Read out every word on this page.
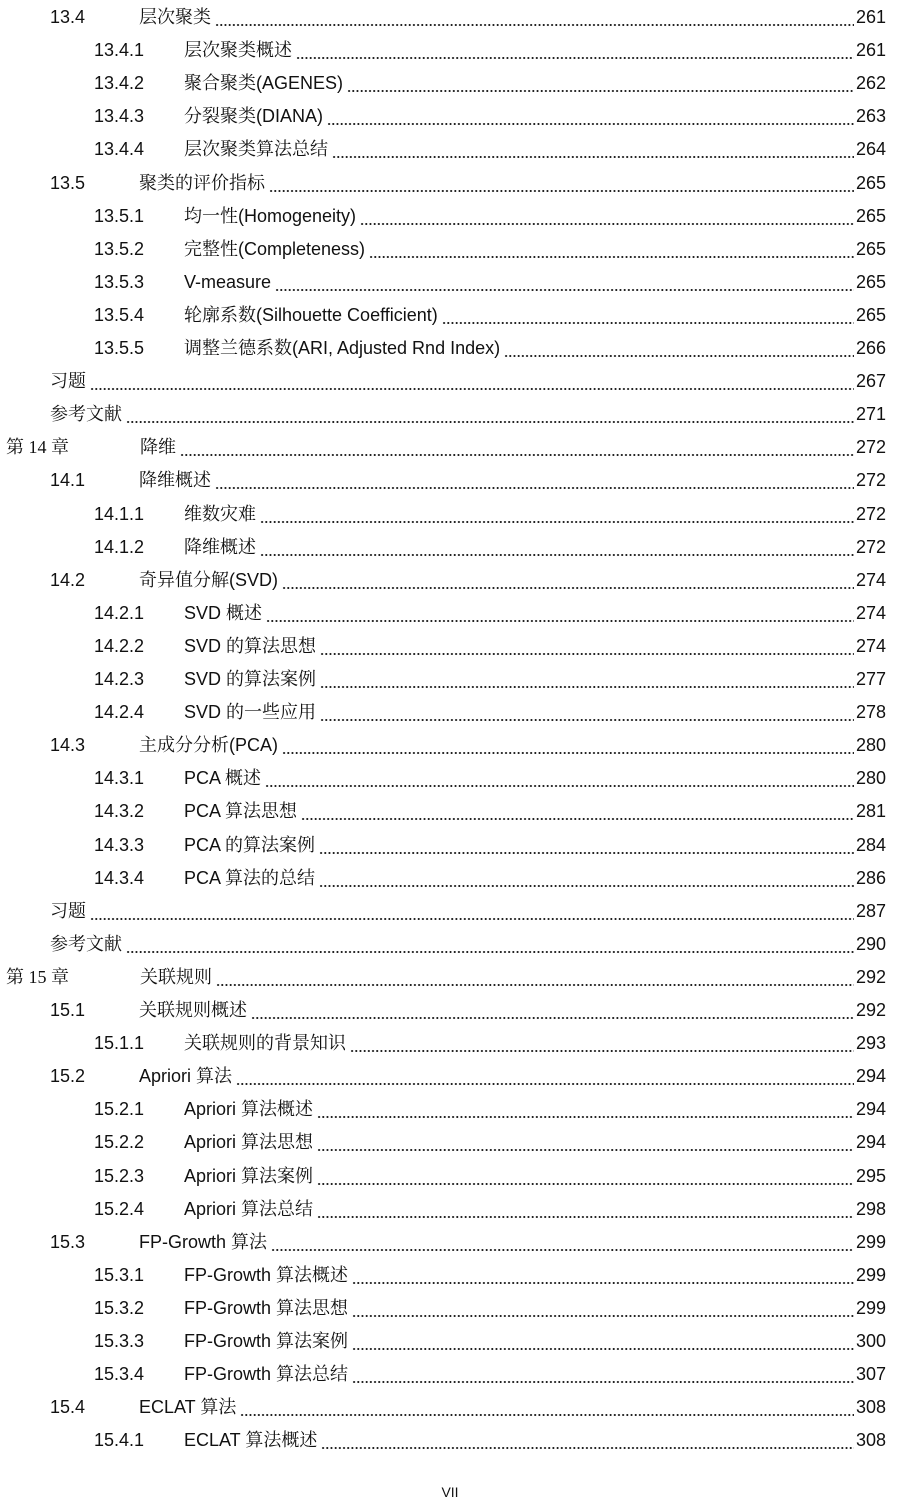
13.4	层次聚类	261
13.4.1 层次聚类概述	261
13.4.2 聚合聚类(AGENES)	262
13.4.3 分裂聚类(DIANA)	263
13.4.4 层次聚类算法总结	264
13.5	聚类的评价指标	265
13.5.1 均一性(Homogeneity)	265
13.5.2 完整性(Completeness)	265
13.5.3 V-measure	265
13.5.4 轮廓系数(Silhouette Coefficient)	265
13.5.5 调整兰德系数(ARI, Adjusted Rnd Index)	266
习题	267
参考文献	271
第 14 章	降维	272
14.1	降维概述	272
14.1.1 维数灾难	272
14.1.2 降维概述	272
14.2	奇异值分解(SVD)	274
14.2.1 SVD 概述	274
14.2.2 SVD 的算法思想	274
14.2.3 SVD 的算法案例	277
14.2.4 SVD 的一些应用	278
14.3	主成分分析(PCA)	280
14.3.1 PCA 概述	280
14.3.2 PCA 算法思想	281
14.3.3 PCA 的算法案例	284
14.3.4 PCA 算法的总结	286
习题	287
参考文献	290
第 15 章	关联规则	292
15.1	关联规则概述	292
15.1.1 关联规则的背景知识	293
15.2	Apriori 算法	294
15.2.1 Apriori 算法概述	294
15.2.2 Apriori 算法思想	294
15.2.3 Apriori 算法案例	295
15.2.4 Apriori 算法总结	298
15.3	FP-Growth 算法	299
15.3.1 FP-Growth 算法概述	299
15.3.2 FP-Growth 算法思想	299
15.3.3 FP-Growth 算法案例	300
15.3.4 FP-Growth 算法总结	307
15.4	ECLAT 算法	308
15.4.1 ECLAT 算法概述	308
VII
